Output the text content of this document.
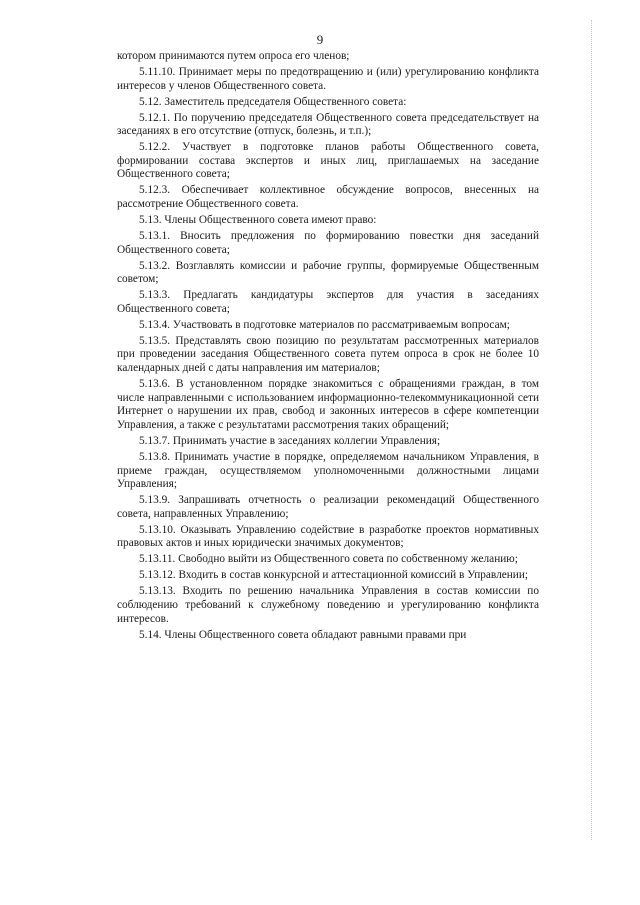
9

котором принимаются путем опроса его членов;

5.11.10. Принимает меры по предотвращению и (или) урегулированию конфликта интересов у членов Общественного совета.

5.12. Заместитель председателя Общественного совета:

5.12.1. По поручению председателя Общественного совета председательствует на заседаниях в его отсутствие (отпуск, болезнь, и т.п.);

5.12.2. Участвует в подготовке планов работы Общественного совета, формировании состава экспертов и иных лиц, приглашаемых на заседание Общественного совета;

5.12.3. Обеспечивает коллективное обсуждение вопросов, внесенных на рассмотрение Общественного совета.

5.13. Члены Общественного совета имеют право:

5.13.1. Вносить предложения по формированию повестки дня заседаний Общественного совета;

5.13.2. Возглавлять комиссии и рабочие группы, формируемые Общественным советом;

5.13.3. Предлагать кандидатуры экспертов для участия в заседаниях Общественного совета;

5.13.4. Участвовать в подготовке материалов по рассматриваемым вопросам;

5.13.5. Представлять свою позицию по результатам рассмотренных материалов при проведении заседания Общественного совета путем опроса в срок не более 10 календарных дней с даты направления им материалов;

5.13.6. В установленном порядке знакомиться с обращениями граждан, в том числе направленными с использованием информационно-телекоммуникационной сети Интернет о нарушении их прав, свобод и законных интересов в сфере компетенции Управления, а также с результатами рассмотрения таких обращений;

5.13.7. Принимать участие в заседаниях коллегии Управления;

5.13.8. Принимать участие в порядке, определяемом начальником Управления, в приеме граждан, осуществляемом уполномоченными должностными лицами Управления;

5.13.9. Запрашивать отчетность о реализации рекомендаций Общественного совета, направленных Управлению;

5.13.10. Оказывать Управлению содействие в разработке проектов нормативных правовых актов и иных юридически значимых документов;

5.13.11. Свободно выйти из Общественного совета по собственному желанию;

5.13.12. Входить в состав конкурсной и аттестационной комиссий в Управлении;

5.13.13. Входить по решению начальника Управления в состав комиссии по соблюдению требований к служебному поведению и урегулированию конфликта интересов.

5.14. Члены Общественного совета обладают равными правами при
